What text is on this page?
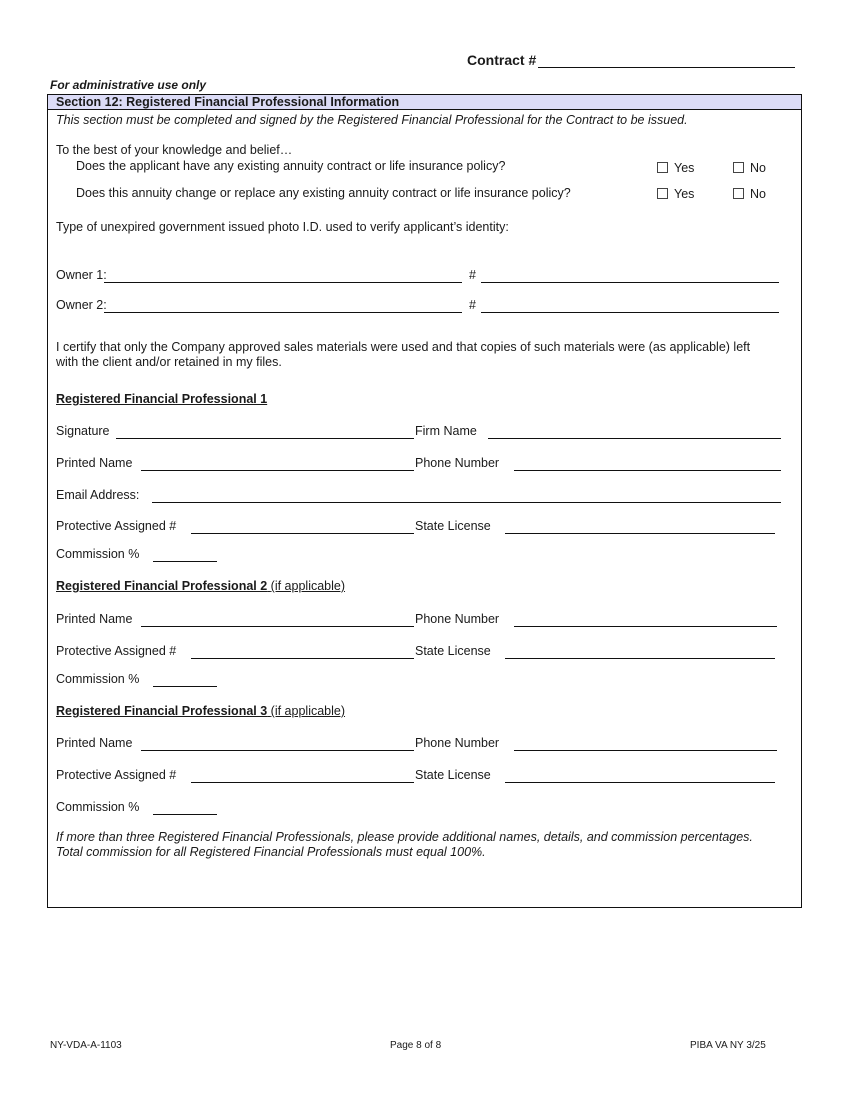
Contract #
For administrative use only
Section 12: Registered Financial Professional Information
This section must be completed and signed by the Registered Financial Professional for the Contract to be issued.
To the best of your knowledge and belief…
Does the applicant have any existing annuity contract or life insurance policy?	Yes	No
Does this annuity change or replace any existing annuity contract or life insurance policy?	Yes	No
Type of unexpired government issued photo I.D. used to verify applicant’s identity:
Owner 1:	#
Owner 2:	#
I certify that only the Company approved sales materials were used and that copies of such materials were (as applicable) left with the client and/or retained in my files.
Registered Financial Professional 1
Signature	Firm Name
Printed Name	Phone Number
Email Address:
Protective Assigned #	State License
Commission %
Registered Financial Professional 2 (if applicable)
Printed Name	Phone Number
Protective Assigned #	State License
Commission %
Registered Financial Professional 3 (if applicable)
Printed Name	Phone Number
Protective Assigned #	State License
Commission %
If more than three Registered Financial Professionals, please provide additional names, details, and commission percentages. Total commission for all Registered Financial Professionals must equal 100%.
NY-VDA-A-1103	Page 8 of 8	PIBA VA NY 3/25
